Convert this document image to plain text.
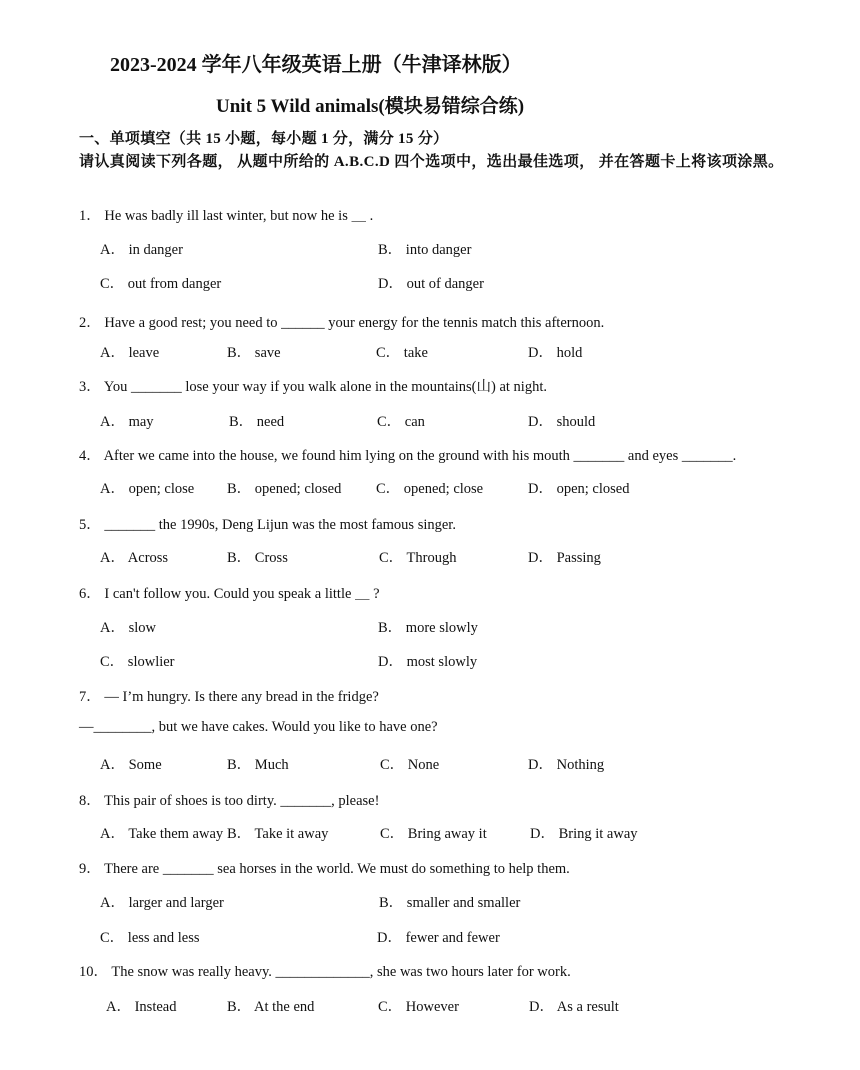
2023-2024 学年八年级英语上册（牛津译林版）
Unit 5 Wild animals(模块易错综合练)
一、单项填空（共 15 小题，每小题 1 分，满分 15 分）
请认真阅读下列各题， 从题中所给的 A.B.C.D 四个选项中，选出最佳选项， 并在答题卡上将该项涂黑。
1． He was badly ill last winter, but now he is ＿ .
A． in danger	B． into danger
C． out from danger	D． out of danger
2． Have a good rest; you need to ______ your energy for the tennis match this afternoon.
A． leave	B． save	C． take	D． hold
3． You _______ lose your way if you walk alone in the mountains(山) at night.
A． may	B． need	C． can	D． should
4． After we came into the house, we found him lying on the ground with his mouth _______ and eyes _______.
A． open; close B． opened; closed C． opened; close	D． open; closed
5． _______ the 1990s, Deng Lijun was the most famous singer.
A． Across	B． Cross	C． Through	D． Passing
6． I can't follow you. Could you speak a little ＿ ?
A． slow	B． more slowly
C． slowlier	D． most slowly
7． — I’m hungry. Is there any bread in the fridge?
—________, but we have cakes. Would you like to have one?
A． Some	B． Much	C． None	D． Nothing
8． This pair of shoes is too dirty. _______, please!
A． Take them away B． Take it away	C． Bring away it	D． Bring it away
9． There are _______ sea horses in the world. We must do something to help them.
A． larger and larger	B． smaller and smaller
C． less and less	D． fewer and fewer
10． The snow was really heavy. _____________, she was two hours later for work.
A． Instead	B． At the end	C． However	D． As a result
